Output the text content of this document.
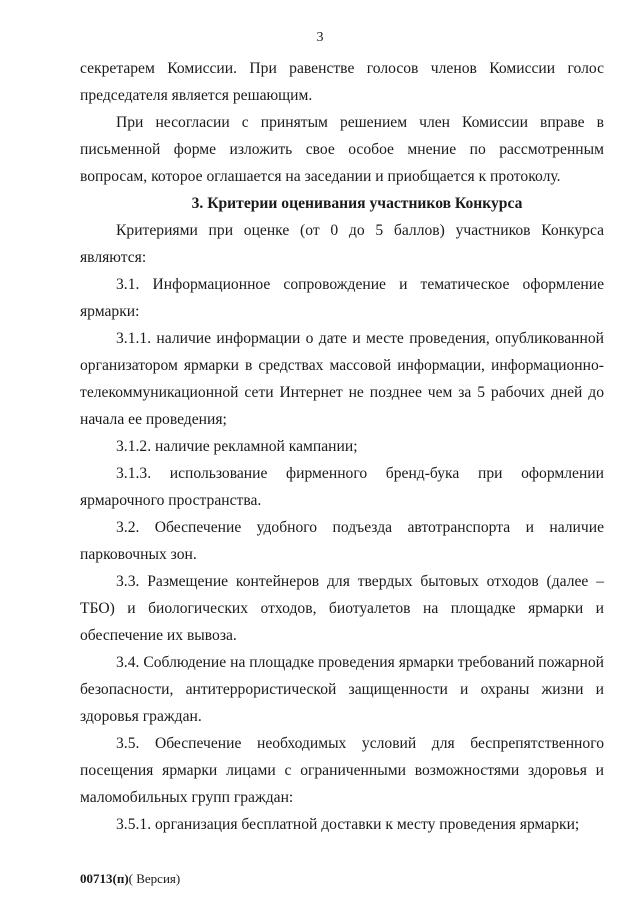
3

секретарем Комиссии. При равенстве голосов членов Комиссии голос председателя является решающим.

При несогласии с принятым решением член Комиссии вправе в письменной форме изложить свое особое мнение по рассмотренным вопросам, которое оглашается на заседании и приобщается к протоколу.

3. Критерии оценивания участников Конкурса

Критериями при оценке (от 0 до 5 баллов) участников Конкурса являются:

3.1. Информационное сопровождение и тематическое оформление ярмарки:

3.1.1. наличие информации о дате и месте проведения, опубликованной организатором ярмарки в средствах массовой информации, информационно-телекоммуникационной сети Интернет не позднее чем за 5 рабочих дней до начала ее проведения;

3.1.2. наличие рекламной кампании;

3.1.3. использование фирменного бренд-бука при оформлении ярмарочного пространства.

3.2. Обеспечение удобного подъезда автотранспорта и наличие парковочных зон.

3.3. Размещение контейнеров для твердых бытовых отходов (далее – ТБО) и биологических отходов, биотуалетов на площадке ярмарки и обеспечение их вывоза.

3.4. Соблюдение на площадке проведения ярмарки требований пожарной безопасности, антитеррористической защищенности и охраны жизни и здоровья граждан.

3.5. Обеспечение необходимых условий для беспрепятственного посещения ярмарки лицами с ограниченными возможностями здоровья и маломобильных групп граждан:

3.5.1. организация бесплатной доставки к месту проведения ярмарки;

00713(п)( Версия)
